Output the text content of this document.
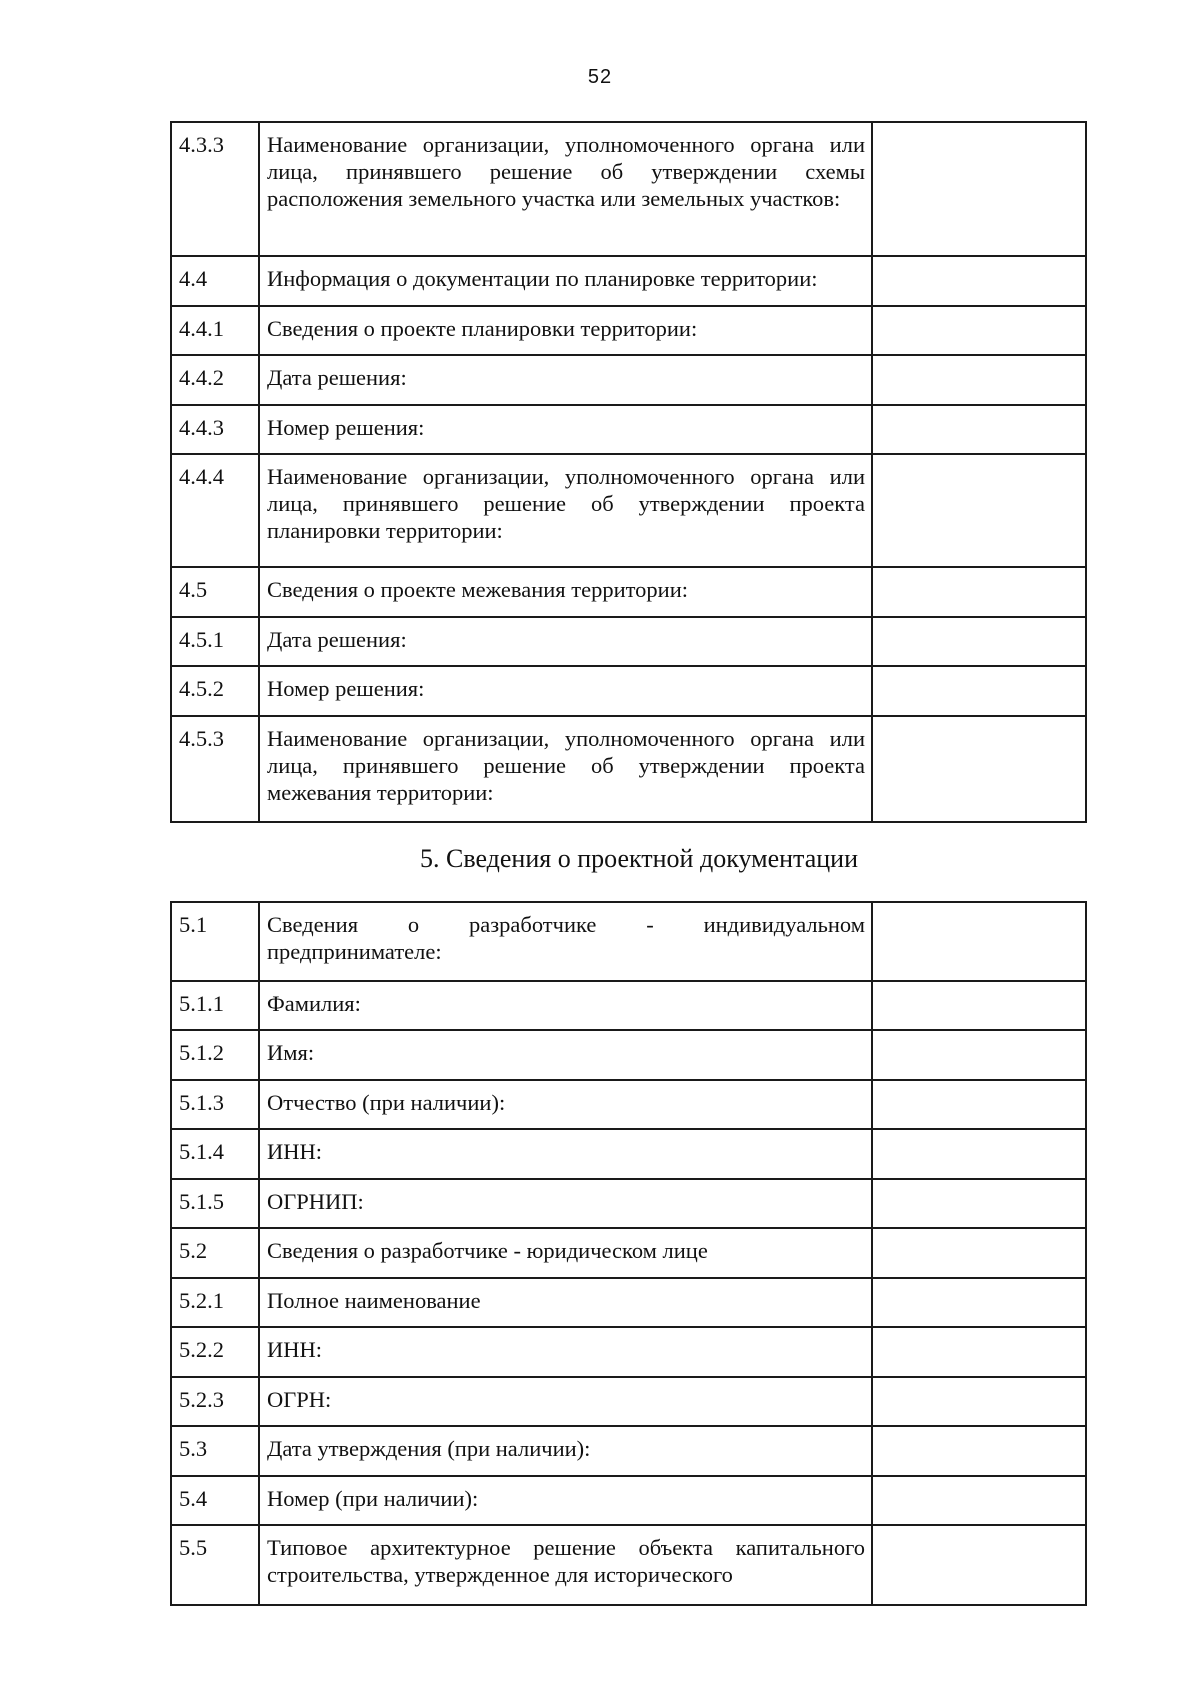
52
4.3.3	Наименование организации, уполномоченного органа или лица, принявшего решение об утверждении схемы расположения земельного участка или земельных участков:	
4.4	Информация о документации по планировке территории:	
4.4.1	Сведения о проекте планировки территории:	
4.4.2	Дата решения:	
4.4.3	Номер решения:	
4.4.4	Наименование организации, уполномоченного органа или лица, принявшего решение об утверждении проекта планировки территории:	
4.5	Сведения о проекте межевания территории:	
4.5.1	Дата решения:	
4.5.2	Номер решения:	
4.5.3	Наименование организации, уполномоченного органа или лица, принявшего решение об утверждении проекта межевания территории:	
5. Сведения о проектной документации
5.1	Сведения о разработчике - индивидуальном предпринимателе:	
5.1.1	Фамилия:	
5.1.2	Имя:	
5.1.3	Отчество (при наличии):	
5.1.4	ИНН:	
5.1.5	ОГРНИП:	
5.2	Сведения о разработчике - юридическом лице	
5.2.1	Полное наименование	
5.2.2	ИНН:	
5.2.3	ОГРН:	
5.3	Дата утверждения (при наличии):	
5.4	Номер (при наличии):	
5.5	Типовое архитектурное решение объекта капитального строительства, утвержденное для исторического	
